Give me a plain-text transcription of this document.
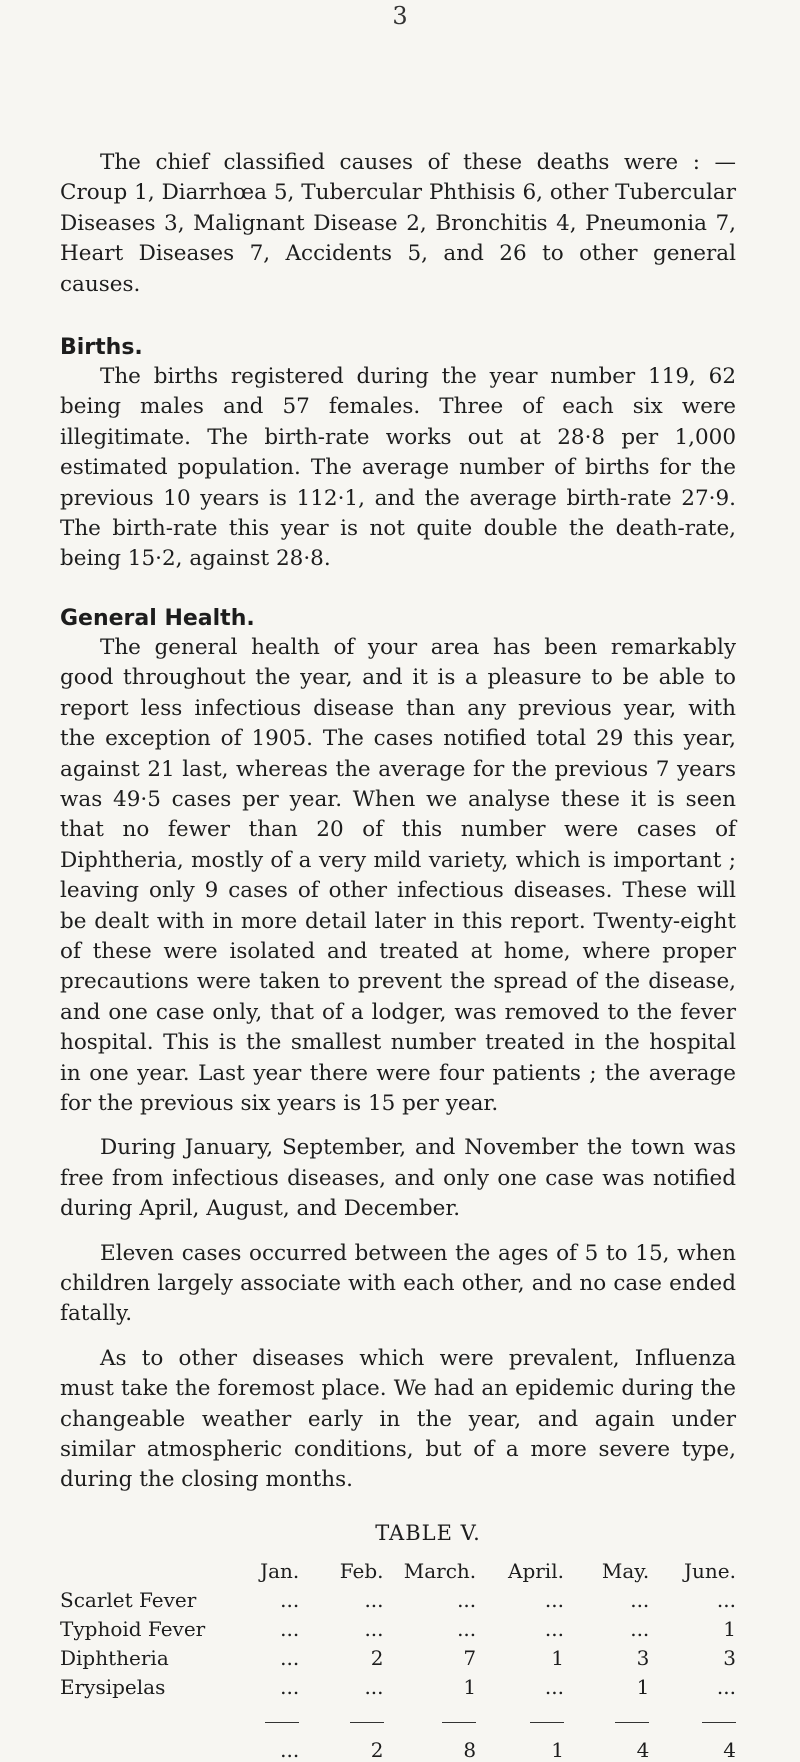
3

The chief classified causes of these deaths were : — Croup 1, Diarrhœa 5, Tubercular Phthisis 6, other Tubercular Diseases 3, Malignant Disease 2, Bronchitis 4, Pneumonia 7, Heart Diseases 7, Accidents 5, and 26 to other general causes.

Births.

The births registered during the year number 119, 62 being males and 57 females. Three of each six were illegitimate. The birth-rate works out at 28·8 per 1,000 estimated population. The average number of births for the previous 10 years is 112·1, and the average birth-rate 27·9. The birth-rate this year is not quite double the death-rate, being 15·2, against 28·8.

General Health.

The general health of your area has been remarkably good throughout the year, and it is a pleasure to be able to report less infectious disease than any previous year, with the exception of 1905. The cases notified total 29 this year, against 21 last, whereas the average for the previous 7 years was 49·5 cases per year. When we analyse these it is seen that no fewer than 20 of this number were cases of Diphtheria, mostly of a very mild variety, which is important ; leaving only 9 cases of other infectious diseases. These will be dealt with in more detail later in this report. Twenty-eight of these were isolated and treated at home, where proper precautions were taken to prevent the spread of the disease, and one case only, that of a lodger, was removed to the fever hospital. This is the smallest number treated in the hospital in one year. Last year there were four patients ; the average for the previous six years is 15 per year.

During January, September, and November the town was free from infectious diseases, and only one case was notified during April, August, and December.

Eleven cases occurred between the ages of 5 to 15, when children largely associate with each other, and no case ended fatally.

As to other diseases which were prevalent, Influenza must take the foremost place. We had an epidemic during the changeable weather early in the year, and again under similar atmospheric conditions, but of a more severe type, during the closing months.

TABLE V.
	Jan.	Feb.	March.	April.	May.	June.
Scarlet Fever	...	...	...	...	...	...
Typhoid Fever	...	...	...	...	...	1
Diphtheria	...	2	7	1	3	3
Erysipelas	...	...	1	...	1	...

	...	2	8	1	4	4
